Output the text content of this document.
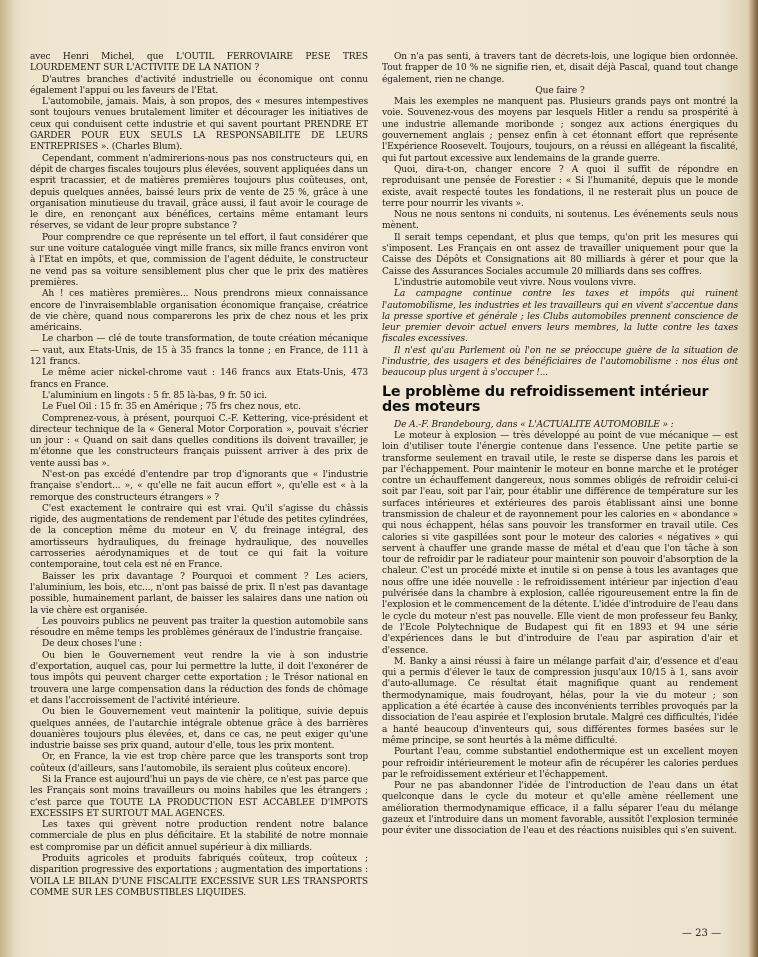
avec Henri Michel, que L'OUTIL FERROVIAIRE PESE TRES LOURDEMENT SUR L'ACTIVITE DE LA NATION ?

D'autres branches d'activité industrielle ou économique ont connu également l'appui ou les faveurs de l'Etat.

L'automobile, jamais. Mais, à son propos, des « mesures intempestives sont toujours venues brutalement limiter et décourager les initiatives de ceux qui conduisent cette industrie et qui savent pourtant PRENDRE ET GARDER POUR EUX SEULS LA RESPONSABILITE DE LEURS ENTREPRISES ». (Charles Blum).

Cependant, comment n'admirerions-nous pas nos constructeurs qui, en dépit de charges fiscales toujours plus élevées, souvent appliquées dans un esprit tracassier, et de matières premières toujours plus coûteuses, ont, depuis quelques années, baissé leurs prix de vente de 25 %, grâce à une organisation minutieuse du travail, grâce aussi, il faut avoir le courage de le dire, en renonçant aux bénéfices, certains même entamant leurs réserves, se vidant de leur propre substance ?

Pour comprendre ce que représente un tel effort, il faut considérer que sur une voiture cataloguée vingt mille francs, six mille francs environ vont à l'Etat en impôts, et que, commission de l'agent déduite, le constructeur ne vend pas sa voiture sensiblement plus cher que le prix des matières premières.

Ah ! ces matières premières... Nous prendrons mieux connaissance encore de l'invraisemblable organisation économique française, créatrice de vie chère, quand nous comparerons les prix de chez nous et les prix américains.

Le charbon — clé de toute transformation, de toute création mécanique — vaut, aux Etats-Unis, de 15 à 35 francs la tonne ; en France, de 111 à 121 francs.

Le même acier nickel-chrome vaut : 146 francs aux Etats-Unis, 473 francs en France.

L'aluminium en lingots : 5 fr. 85 là-bas, 9 fr. 50 ici.

Le Fuel Oil : 15 fr. 35 en Amérique ; 75 frs chez nous, etc.

Comprenez-vous, à présent, pourquoi C.-F. Kettering, vice-président et directeur technique de la « General Motor Corporation », pouvait s'écrier un jour : « Quand on sait dans quelles conditions ils doivent travailler, je m'étonne que les constructeurs français puissent arriver à des prix de vente aussi bas ».

N'est-on pas excédé d'entendre par trop d'ignorants que « l'industrie française s'endort... », « qu'elle ne fait aucun effort », qu'elle est « à la remorque des constructeurs étrangers » ?

C'est exactement le contraire qui est vrai. Qu'il s'agisse du châssis rigide, des augmentations de rendement par l'étude des petites cylindrées, de la conception même du moteur en V, du freinage intégral, des amortisseurs hydrauliques, du freinage hydraulique, des nouvelles carrosseries aérodynamiques et de tout ce qui fait la voiture contemporaine, tout cela est né en France.

Baisser les prix davantage ? Pourquoi et comment ? Les aciers, l'aluminium, les bois, etc..., n'ont pas baissé de prix. Il n'est pas davantage possible, humainement parlant, de baisser les salaires dans une nation où la vie chère est organisée.

Les pouvoirs publics ne peuvent pas traiter la question automobile sans résoudre en même temps les problèmes généraux de l'industrie française.

De deux choses l'une :

Ou bien le Gouvernement veut rendre la vie à son industrie d'exportation, auquel cas, pour lui permettre la lutte, il doit l'exonérer de tous impôts qui peuvent charger cette exportation ; le Trésor national en trouvera une large compensation dans la réduction des fonds de chômage et dans l'accroissement de l'activité intérieure.

Ou bien le Gouvernement veut maintenir la politique, suivie depuis quelques années, de l'autarchie intégrale obtenue grâce à des barrières douanières toujours plus élevées, et, dans ce cas, ne peut exiger qu'une industrie baisse ses prix quand, autour d'elle, tous les prix montent.

Or, en France, la vie est trop chère parce que les transports sont trop coûteux (d'ailleurs, sans l'automobile, ils seraient plus coûteux encore).

Si la France est aujourd'hui un pays de vie chère, ce n'est pas parce que les Français sont moins travailleurs ou moins habiles que les étrangers ; c'est parce que TOUTE LA PRODUCTION EST ACCABLEE D'IMPOTS EXCESSIFS ET SURTOUT MAL AGENCES.

Les taxes qui grèvent notre production rendent notre balance commerciale de plus en plus déficitaire. Et la stabilité de notre monnaie est compromise par un déficit annuel supérieur à dix milliards.

Produits agricoles et produits fabriqués coûteux, trop coûteux ; disparition progressive des exportations ; augmentation des importations : VOILA LE BILAN D'UNE FISCALITE EXCESSIVE SUR LES TRANSPORTS COMME SUR LES COMBUSTIBLES LIQUIDES.

On n'a pas senti, à travers tant de décrets-lois, une logique bien ordonnée. Tout frapper de 10 % ne signifie rien, et, disait déjà Pascal, quand tout change également, rien ne change.

Que faire ?

Mais les exemples ne manquent pas. Plusieurs grands pays ont montré la voie. Souvenez-vous des moyens par lesquels Hitler a rendu sa prospérité à une industrie allemande moribonde ; songez aux actions énergiques du gouvernement anglais ; pensez enfin à cet étonnant effort que représente l'Expérience Roosevelt. Toujours, toujours, on a réussi en allégeant la fiscalité, qui fut partout excessive aux lendemains de la grande guerre.

Quoi, dira-t-on, changer encore ? A quoi il suffit de répondre en reproduisant une pensée de Forestier : « Si l'humanité, depuis que le monde existe, avait respecté toutes les fondations, il ne resterait plus un pouce de terre pour nourrir les vivants ».

Nous ne nous sentons ni conduits, ni soutenus. Les événements seuls nous mènent.

Il serait temps cependant, et plus que temps, qu'on prit les mesures qui s'imposent. Les Français en ont assez de travailler uniquement pour que la Caisse des Dépôts et Consignations ait 80 milliards à gérer et pour que la Caisse des Assurances Sociales accumule 20 milliards dans ses coffres.

L'industrie automobile veut vivre. Nous voulons vivre.

La campagne continue contre les taxes et impôts qui ruinent l'automobilisme, les industries et les travailleurs qui en vivent s'accentue dans la presse sportive et générale ; les Clubs automobiles prennent conscience de leur premier devoir actuel envers leurs membres, la lutte contre les taxes fiscales excessives.

Il n'est qu'au Parlement où l'on ne se préoccupe guère de la situation de l'industrie, des usagers et des bénéficiaires de l'automobilisme : nos élus ont beaucoup plus urgent à s'occuper !...

Le problème du refroidissement intérieur des moteurs

De A.-F. Brandebourg, dans « L'ACTUALITE AUTOMOBILE » :

Le moteur à explosion — très développé au point de vue mécanique — est loin d'utiliser toute l'énergie contenue dans l'essence. Une petite partie se transforme seulement en travail utile, le reste se disperse dans les parois et par l'échappement. Pour maintenir le moteur en bonne marche et le protéger contre un échauffement dangereux, nous sommes obligés de refroidir celui-ci soit par l'eau, soit par l'air, pour établir une différence de température sur les surfaces intérieures et extérieures des parois établissant ainsi une bonne transmission de chaleur et de rayonnement pour les calories en « abondance » qui nous échappent, hélas sans pouvoir les transformer en travail utile. Ces calories si vite gaspillées sont pour le moteur des calories « négatives » qui servent à chauffer une grande masse de métal et d'eau que l'on tâche à son tour de refroidir par le radiateur pour maintenir son pouvoir d'absorption de la chaleur. C'est un procédé mixte et inutile si on pense à tous les avantages que nous offre une idée nouvelle : le refroidissement intérieur par injection d'eau pulvérisée dans la chambre à explosion, callée rigoureusement entre la fin de l'explosion et le commencement de la détente. L'idée d'introduire de l'eau dans le cycle du moteur n'est pas nouvelle. Elle vient de mon professeur feu Banky, de l'Ecole Polytechnique de Budapest qui fit en 1893 et 94 une série d'expériences dans le but d'introduire de l'eau par aspiration d'air et d'essence.

M. Banky a ainsi réussi à faire un mélange parfait d'air, d'essence et d'eau qui a permis d'élever le taux de compression jusqu'aux 10/15 à 1, sans avoir d'auto-allumage. Ce résultat était magnifique quant au rendement thermodynamique, mais foudroyant, hélas, pour la vie du moteur ; son application a été écartée à cause des inconvénients terribles provoqués par la dissociation de l'eau aspirée et l'explosion brutale. Malgré ces difficultés, l'idée a hanté beaucoup d'inventeurs qui, sous différentes formes basées sur le même principe, se sont heurtés à la même difficulté.

Pourtant l'eau, comme substantiel endothermique est un excellent moyen pour refroidir intérieurement le moteur afin de récupérer les calories perdues par le refroidissement extérieur et l'échappement.

Pour ne pas abandonner l'idée de l'introduction de l'eau dans un état quelconque dans le cycle du moteur et qu'elle amène réellement une amélioration thermodynamique efficace, il a fallu séparer l'eau du mélange gazeux et l'introduire dans un moment favorable, aussitôt l'explosion terminée pour éviter une dissociation de l'eau et des réactions nuisibles qui s'en suivent.

— 23 —
